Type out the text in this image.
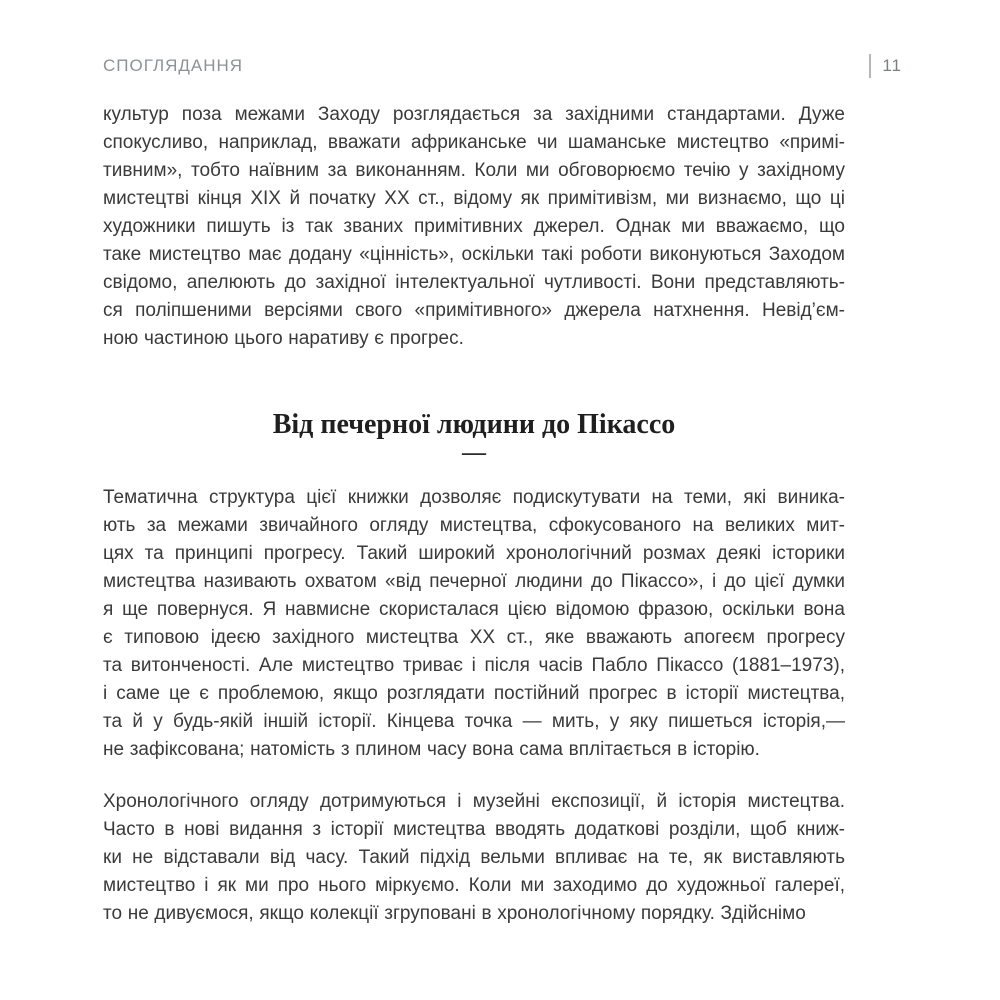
СПОГЛЯДАННЯ	11
культур поза межами Заходу розглядається за західними стандартами. Дуже
спокусливо, наприклад, вважати африканське чи шаманське мистецтво «примі-
тивним», тобто наївним за виконанням. Коли ми обговорюємо течію у західному
мистецтві кінця XIX й початку XX ст., відому як примітивізм, ми визнаємо, що ці
художники пишуть із так званих примітивних джерел. Однак ми вважаємо, що
таке мистецтво має додану «цінність», оскільки такі роботи виконуються Заходом
свідомо, апелюють до західної інтелектуальної чутливості. Вони представляють-
ся поліпшеними версіями свого «примітивного» джерела натхнення. Невід’єм-
ною частиною цього наративу є прогрес.
Від печерної людини до Пікассо
—
Тематична структура цієї книжки дозволяє подискутувати на теми, які виника-
ють за межами звичайного огляду мистецтва, сфокусованого на великих мит-
цях та принципі прогресу. Такий широкий хронологічний розмах деякі історики
мистецтва називають охватом «від печерної людини до Пікассо», і до цієї думки
я ще повернуся. Я навмисне скористалася цією відомою фразою, оскільки вона
є типовою ідеєю західного мистецтва XX ст., яке вважають апогеєм прогресу
та витонченості. Але мистецтво триває і після часів Пабло Пікассо (1881–1973),
і саме це є проблемою, якщо розглядати постійний прогрес в історії мистецтва,
та й у будь-якій іншій історії. Кінцева точка — мить, у яку пишеться історія,—
не зафіксована; натомість з плином часу вона сама вплітається в історію.
Хронологічного огляду дотримуються і музейні експозиції, й історія мистецтва.
Часто в нові видання з історії мистецтва вводять додаткові розділи, щоб книж-
ки не відставали від часу. Такий підхід вельми впливає на те, як виставляють
мистецтво і як ми про нього міркуємо. Коли ми заходимо до художньої галереї,
то не дивуємося, якщо колекції згруповані в хронологічному порядку. Здійснімо
